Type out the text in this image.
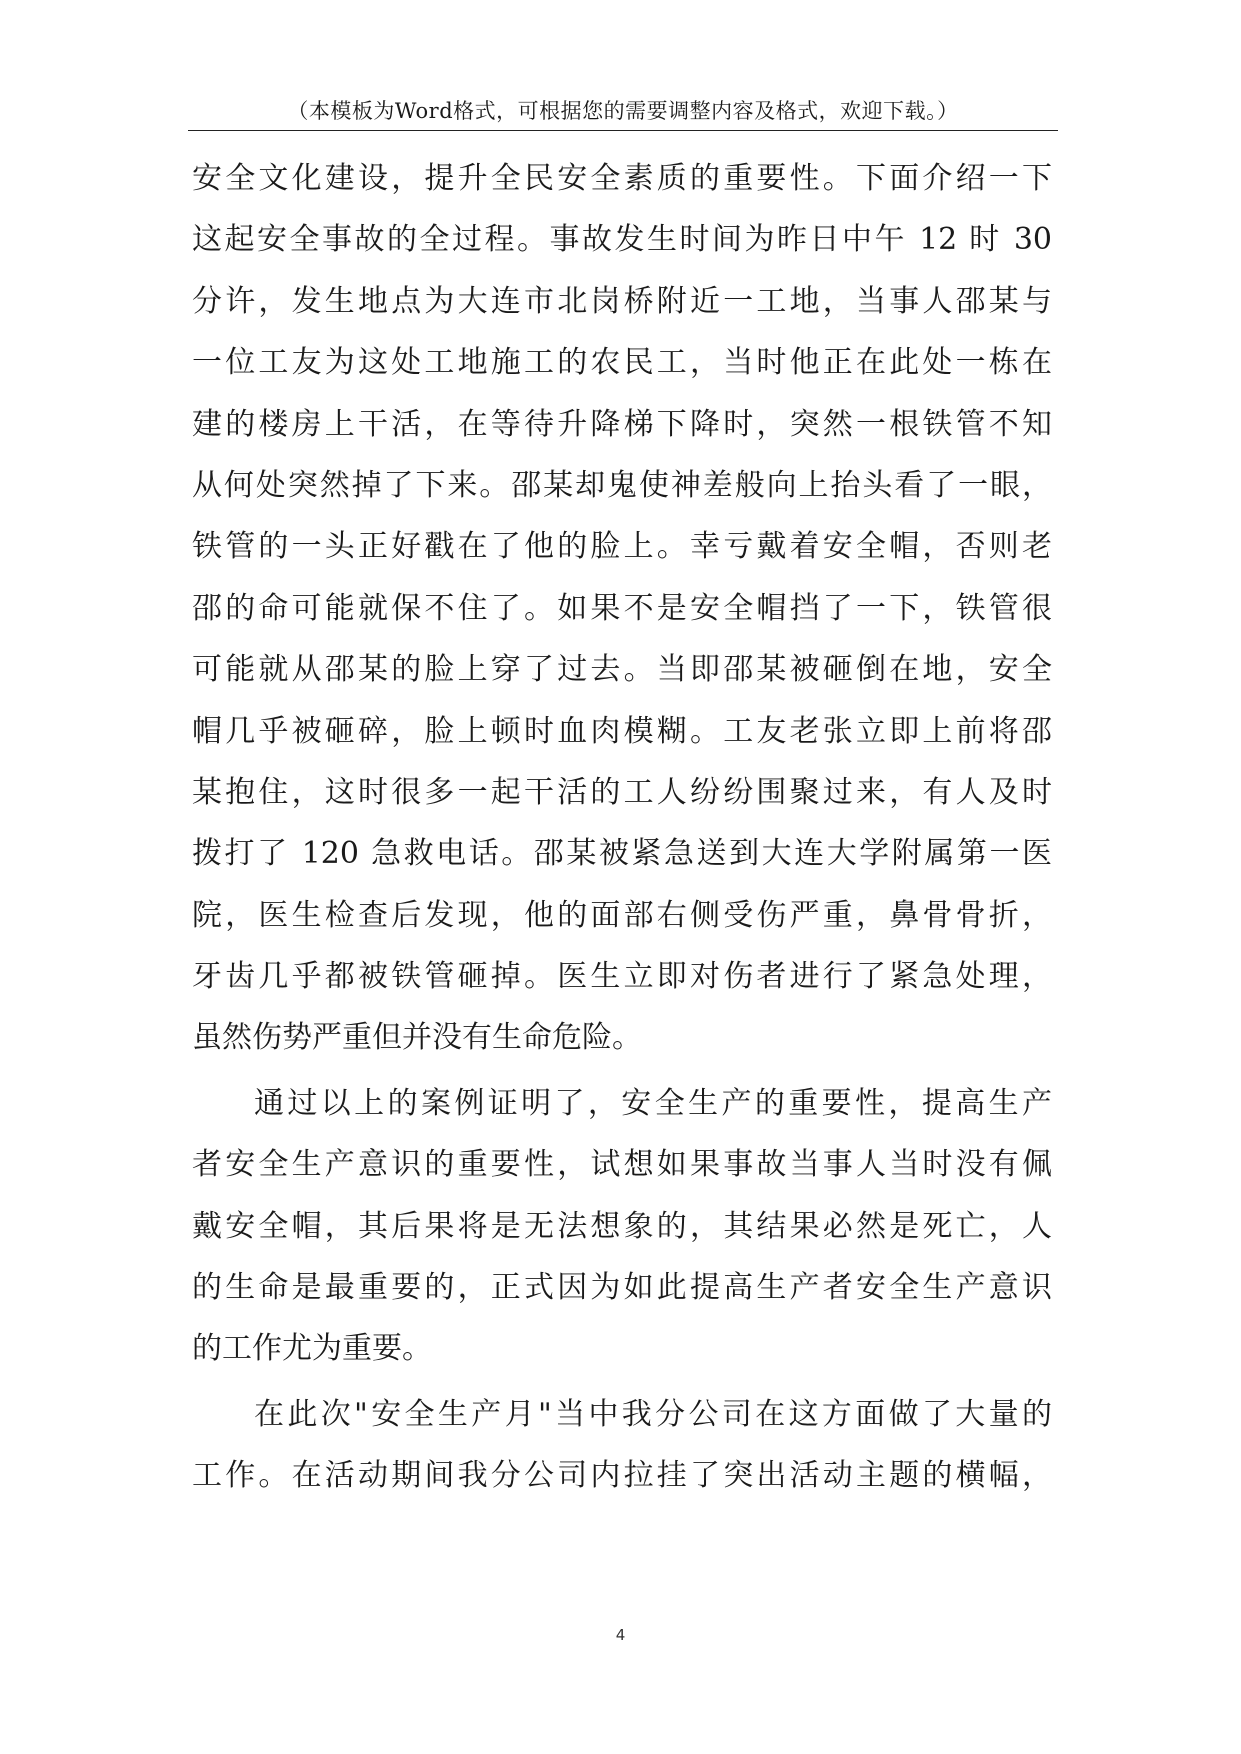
（本模板为Word格式，可根据您的需要调整内容及格式，欢迎下载。）
安全文化建设，提升全民安全素质的重要性。下面介绍一下
这起安全事故的全过程。事故发生时间为昨日中午 12 时 30
分许，发生地点为大连市北岗桥附近一工地，当事人邵某与
一位工友为这处工地施工的农民工，当时他正在此处一栋在
建的楼房上干活，在等待升降梯下降时，突然一根铁管不知
从何处突然掉了下来。邵某却鬼使神差般向上抬头看了一眼，
铁管的一头正好戳在了他的脸上。幸亏戴着安全帽，否则老
邵的命可能就保不住了。如果不是安全帽挡了一下，铁管很
可能就从邵某的脸上穿了过去。当即邵某被砸倒在地，安全
帽几乎被砸碎，脸上顿时血肉模糊。工友老张立即上前将邵
某抱住，这时很多一起干活的工人纷纷围聚过来，有人及时
拨打了 120 急救电话。邵某被紧急送到大连大学附属第一医
院，医生检查后发现，他的面部右侧受伤严重，鼻骨骨折，
牙齿几乎都被铁管砸掉。医生立即对伤者进行了紧急处理，
虽然伤势严重但并没有生命危险。
通过以上的案例证明了，安全生产的重要性，提高生产
者安全生产意识的重要性，试想如果事故当事人当时没有佩
戴安全帽，其后果将是无法想象的，其结果必然是死亡，人
的生命是最重要的，正式因为如此提高生产者安全生产意识
的工作尤为重要。
在此次"安全生产月"当中我分公司在这方面做了大量的
工作。在活动期间我分公司内拉挂了突出活动主题的横幅，
4
